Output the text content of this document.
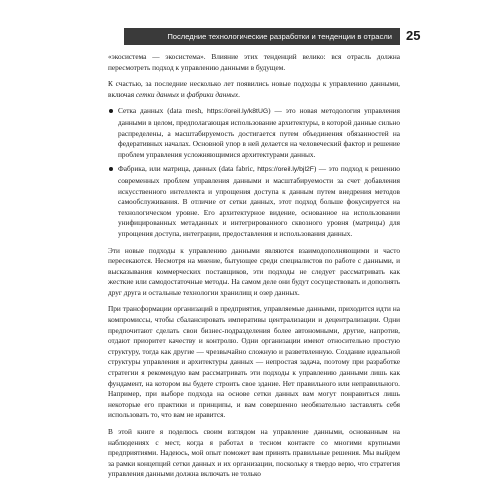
Последние технологические разработки и тенденции в отрасли	25

«экосистема — экосистема». Влияние этих тенденций велико: вся отрасль должна пересмотреть подход к управлению данными в будущем.

К счастью, за последние несколько лет появились новые подходы к управлению данными, включая сетки данных и фабрики данных.

Сетка данных (data mesh, https://oreil.ly/k8tUG) — это новая методология управления данными в целом, предполагающая использование архитектуры, в которой данные сильно распределены, а масштабируемость достигается путем объединения обязанностей на федеративных началах. Основной упор в ней делается на человеческий фактор и решение проблем управления усложняющимися архитектурами данных.
Фабрика, или матрица, данных (data fabric, https://oreil.ly/bjl2F) — это подход к решению современных проблем управления данными и масштабируемости за счет добавления искусственного интеллекта и упрощения доступа к данным путем внедрения методов самообслуживания. В отличие от сетки данных, этот подход больше фокусируется на технологическом уровне. Его архитектурное видение, основанное на использовании унифицированных метаданных и интегрированного сквозного уровня (матрицы) для упрощения доступа, интеграции, предоставления и использования данных.

Эти новые подходы к управлению данными являются взаимодополняющими и часто пересекаются. Несмотря на мнение, бытующее среди специалистов по работе с данными, и высказывания коммерческих поставщиков, эти подходы не следует рассматривать как жесткие или самодостаточные методы. На самом деле они будут сосуществовать и дополнять друг друга и остальные технологии хранилищ и озер данных.

При трансформации организаций в предприятия, управляемые данными, приходится идти на компромиссы, чтобы сбалансировать императивы централизации и децентрализации. Одни предпочитают сделать свои бизнес-подразделения более автономными, другие, напротив, отдают приоритет качеству и контролю. Одни организации имеют относительно простую структуру, тогда как другие — чрезвычайно сложную и разветвленную. Создание идеальной структуры управления и архитектуры данных — непростая задача, поэтому при разработке стратегии я рекомендую вам рассматривать эти подходы к управлению данными лишь как фундамент, на котором вы будете строить свое здание. Нет правильного или неправильного. Например, при выборе подхода на основе сетки данных вам могут понравиться лишь некоторые его практики и принципы, и вам совершенно необязательно заставлять себя использовать то, что вам не нравится.

В этой книге я поделюсь своим взглядом на управление данными, основанным на наблюдениях с мест, когда я работал в тесном контакте со многими крупными предприятиями. Надеюсь, мой опыт поможет вам принять правильные решения. Мы выйдем за рамки концепций сетки данных и их организации, поскольку я твердо верю, что стратегия управления данными должна включать не только
